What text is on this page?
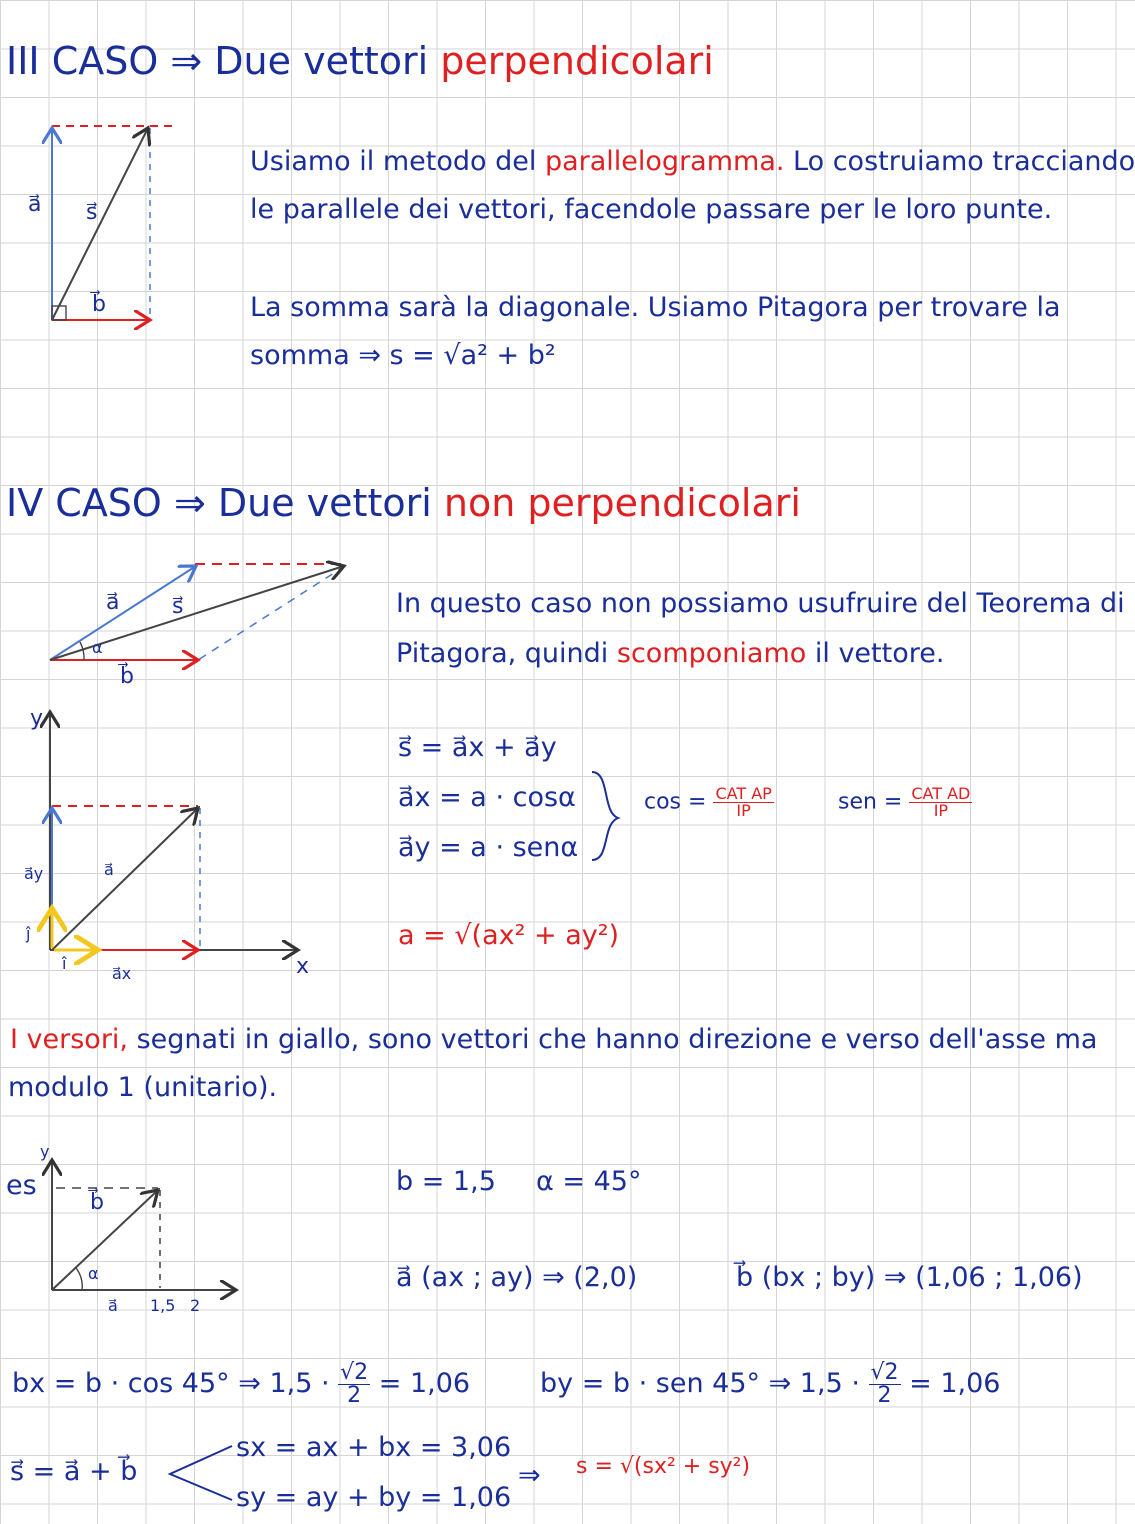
III CASO ⇒ Due vettori perpendicolari
a⃗ s⃗
b⃗
Usiamo il metodo del parallelogramma. Lo costruiamo tracciando
le parallele dei vettori, facendole passare per le loro punte.
La somma sarà la diagonale. Usiamo Pitagora per trovare la
somma ⇒ s = √a² + b²
IV CASO ⇒ Due vettori non perpendicolari
a⃗ s⃗
α
b⃗
In questo caso non possiamo usufruire del Teorema di
Pitagora, quindi scomponiamo il vettore.
y
x
a⃗y	a⃗
ĵ
î
a⃗x
s⃗ = a⃗x + a⃗y
a⃗x = a · cosα
a⃗y = a · senα
$\cos = \frac{\text{CAT AP}}{IP}$	sen = $\frac{\text{CAT AD}}{IP}$
a = √(ax² + ay²)
I versori, segnati in giallo, sono vettori che hanno direzione e verso dell'asse ma
modulo 1 (unitario).
es
y
b⃗
α
a⃗ 1,5 2
b = 1,5 α = 45°
a⃗ (ax ; ay) ⇒ (2,0)	b⃗ (bx ; by) ⇒ (1,06 ; 1,06)
bx = b · cos 45° ⇒ $1,5 \cdot \frac{√2}{2} = 1,06$	by = b · sen 45° ⇒ $1,5 \cdot \frac{√2}{2} = 1,06$
s⃗ = a⃗ + b⃗
sx = ax + bx = 3,06
sy = ay + by = 1,06
⇒ s = √(sx² + sy²)
